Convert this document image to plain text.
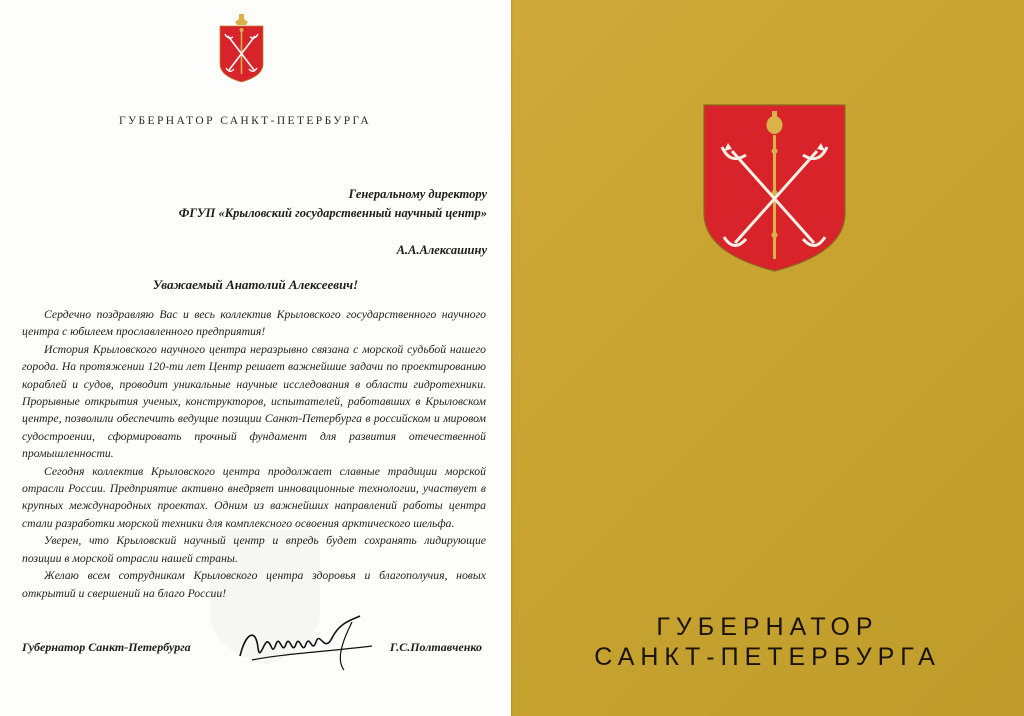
ГУБЕРНАТОР САНКТ-ПЕТЕРБУРГА
Генеральному директору
ФГУП «Крыловский государственный научный центр»
А.А.Алексашину
Уважаемый Анатолий Алексеевич!

Сердечно поздравляю Вас и весь коллектив Крыловского государственного научного центра с юбилеем прославленного предприятия!

История Крыловского научного центра неразрывно связана с морской судьбой нашего города. На протяжении 120-ти лет Центр решает важнейшие задачи по проектированию кораблей и судов, проводит уникальные научные исследования в области гидротехники. Прорывные открытия ученых, конструкторов, испытателей, работавших в Крыловском центре, позволили обеспечить ведущие позиции Санкт-Петербурга в российском и мировом судостроении, сформировать прочный фундамент для развития отечественной промышленности.

Сегодня коллектив Крыловского центра продолжает славные традиции морской отрасли России. Предприятие активно внедряет инновационные технологии, участвует в крупных международных проектах. Одним из важнейших направлений работы центра стали разработки морской техники для комплексного освоения арктического шельфа.

Уверен, что Крыловский научный центр и впредь будет сохранять лидирующие позиции в морской отрасли нашей страны.

Желаю всем сотрудникам Крыловского центра здоровья и благополучия, новых открытий и свершений на благо России!

Губернатор Санкт-Петербурга	Г.С.Полтавченко
ГУБЕРНАТОР
САНКТ-ПЕТЕРБУРГА
